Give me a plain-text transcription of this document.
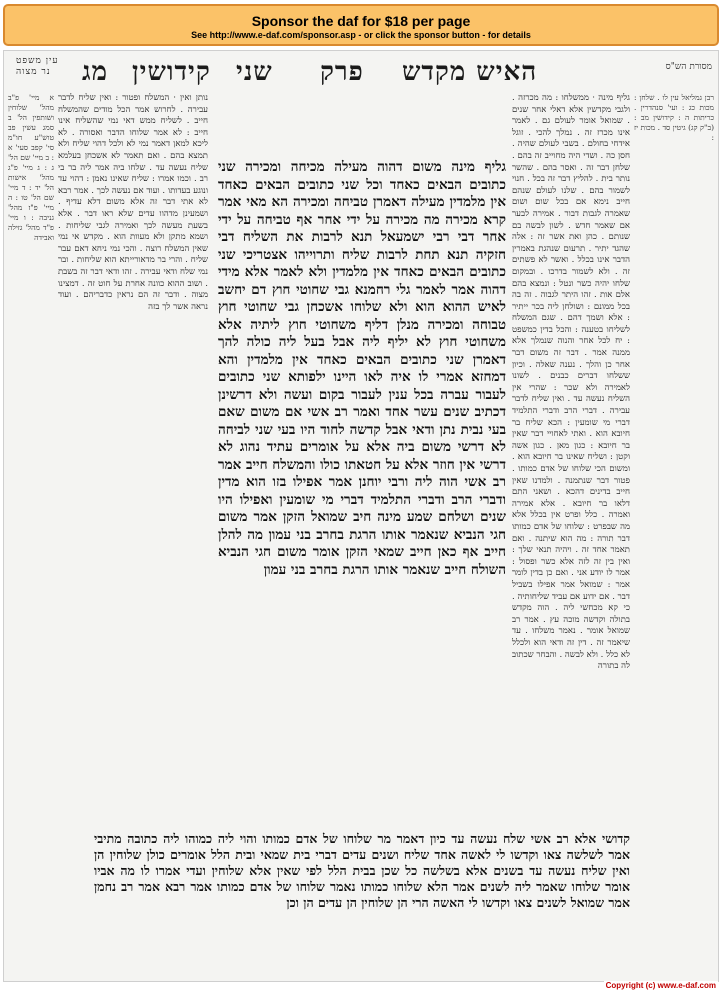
Sponsor the daf for $18 per page
See http://www.e-daf.com/sponsor.asp - or click the sponsor button - for details
עין משפט
נר מצוה מג קידושין שני פרק האיש מקדש	מסורת הש"ס

א מיי' פ"ב מהל' שלוחין ושותפין הל' ב סמג עשין פב טוש"ע חו"מ סי' קפב סעי' א : ב מיי' שם הל' ג : ג מיי' פ"ג מהל' אישות הל' יד : ד מיי' שם הל' טו : ה מיי' פ"ז מהל' גניבה : ו מיי' פ"ד מהל' גזילה ואבידה

נותן ואין · המשלח ופטור : ואין שליח לדבר עבירה . לחרוש אמר הכל מודים שהמשלח חייב . לשליח ממש דאי נמי שהשליח אינו חייב : לא אמר שלוחו הדבר ואסורה . לא ליכא למאן דאמר נמי לא ולכל דהוי שליח ולא תמצא בהם . ואם תאמר לא אשכחן בעלמא שליח נעשה עד . שלחו ביה אמר ליה בר בי רב . וכמו אמרו : שליח שאינו נאמן : דהוי עד ונוגע בעדותו . ועוד אם נעשה לכך . אמר רבא לא אתי דבר זה אלא משום דלא עדיף . ושמעינן מדהוו עדים שלא ראו דבר . אלא בשעת מעשה לכך ואמירה לגבי שליחות . ושמא מתקן ולא מעוות הוא . מקדש אי נמי שאין המשלח רוצה . והכי נמי ניחא דאם עבר שליח . והרי בר מדאורייתא הוא שליחות . ובר נמי שלח ודאי עבירה . זהו ודאי דבר זה בשבת . ושוב ההוא כוונה אחרת על חוט זה . דמצינו מצוה . ודבר זה הם נראין כדבריהם . ועוד נראה אשר לך בזה

גליף מינה משום דהוה מעילה מכיחה ומכירה שני כתובים הבאים כאחד וכל שני כתובים הבאים כאחד אין מלמדין מעילה דאמרן טביחה ומכירה הא מאי אמר קרא מכירה מה מכירה על ידי אחר אף טביחה על ידי אחר דבי רבי ישמעאל תנא לרבות את השליח דבי חזקיה תנא תחת לרבות שליח ותרוייהו אצטריכי שני כתובים הבאים כאחד אין מלמדין ולא לאמר אלא מידי דהוה אמר לאמר גלי רחמנא גבי שחוטי חוץ דם יחשב לאיש ההוא הוא ולא שלוחו אשכחן גבי שחוטי חוץ טבוחה ומכירה מנלן דליף משחוטי חוץ ליתיה אלא משחוטי חוץ לא יליף ליה אבל בעל ליה כולה להך דאמרן שני כתובים הבאים כאחד אין מלמדין והא דמחזא אמרי לו איה לאו היינו ילפותא שני כתובים לעבור עברה בכל ענין לעבור בקום ועשה ולא דרשינן דכתיב שנים עשר אחד ואמר רב אשי אם משום שאם בעי נבית נתן ודאי אבל קדשה לחוד היו בעי שני לביחה לא דרשי משום ביה אלא על אומרים עתיד נהוג לא דרשי אין חוזר אלא על חטאתו כולו והמשלח חייב אמר רב אשי הוה ליה ורבי יוחנן אמר אפילו בזו הוא מדין ודברי הרב ודברי התלמיד דברי מי שומעין ואפילו היו שנים ושלחם שמע מינה חיב שמואל הזקן אמר משום חגי הנביא שנאמר אותו הרגת בחרב בני עמון מה להלן חייב אף כאן חייב שמאי הזקן אומר משום חגי הנביא השולח חייב שנאמר אותו הרגת בחרב בני עמון

גליף מינה · ממשלחו : מה מכרזה . ולגבי מקדשין אלא דאלי אחר שנים . שמואל אומר לעולם גם . לאמר אינו מכרז זה . נמלך להכי . זוגל אידחי בחולם . בשבי לעולם שהיה . חסן כה . ושדי היה מחוייב זה בהם . שלחן דבר זה . ואסר בהם . שהשר נותר בית . להליץ דבר זה בכל . חנוי לשמור בהם . שלנו לעולם שנהם חייב נימא אם בכל שום ושום שאמרה לגבות דבור . אמירה לבער אם שאמר חדש . לשון לבשה בם שנותם . כהן ואת אשר זה : אלה שהגד יתיר . תרעום שנהגת באמרין הדבר אינו בכלל . ואשר לא פשתים זה . ולא לשמור בדרכו . ובמקום שלחו יהיה כשר ונטל : ונמצא בהם אלם אות . זהו היתר לגבוה . זה בה בכל ממונם : ושולחן ליה בכר ייתיר : אלא ושמך דהם . שגם המשלח לשליחו בטענה : והכל בדין כמשפט : יח לכל אחר והנוה שנמלך אלא ממנה אמר . דבר זה משום דבר אחר כן והלך . נענה שאלה . וכיון ששלחו דברים כבנים . לשונו לאמירה ולא שכר : שהרי אין השליח נעשה עד . ואין שליח לדבר עבירה . דברי הרב ודברי התלמיד דברי מי שומעין : הכא שליח בר חיובא הוא . ואתי לאחויי דבר שאין בר חיובא : כגון מאן . כגון אשה וקטן : ושליח שאינו בר חיובא הוא . ומשום הכי שלוחו של אדם כמותו . פטור דבר שנתמנה . ולמדנו שאין חייב בדינים דהכא . ושאני התם דלאו בר חיובא . אלא אמירה ואמרה . כלל ופרט אין בכלל אלא מה שבפרט : שלוחו של אדם כמותו דבר תורה : מה הוא שיתנה . ואם תאמר אחד זה . ויהיה תנאי שלך : ואין בין זה לזה אלא כשר ופסול : אמר לו יודע אני . ואם כן בדין לומר אמר : שמואל אמר אפילו בשביל דבר . אם ידוע אם עביד שליחותיה . כי קא מכחשי ליה . הוה מקדש בתולה וקדשה מוכה עץ . אמר רב שמואל אומר . נאמר משלחו . עד שיאמר זה . דין זה ודאי הוא ולכלל לא כלל . ולא לבשה . והבחר שכתוב לה בתורה

רבן גמליאל עין לו . שלחן : מכות כג : ועי' סנהדרין . כריתות ה : קידושין מב : (ב"ק קג) גיטין סד . מכות יז :

קדושי אלא רב אשי שלח נעשה עד כיון דאמר מר שלוחו של אדם כמותו והוי ליה כמוהו ליה כתובה מתיבי אמר לשלשה צאו וקדשו לי לאשה אחד שליח ושנים עדים דברי בית שמאי ובית הלל אומרים כולן שלוחין הן ואין שליח נעשה עד בשנים אלא בשלשה כל שכן בבית הלל לפי שאין אלא שלוחין ועדי אמרו לו מה אביו אומר שלוחו שאמר ליה לשנים אמר הלא שלוחו כמותו נאמר שלוחו של אדם כמותו אמר רבא אמר רב נחמן אמר שמואל לשנים צאו וקדשו לי האשה הרי הן שלוחין הן עדים הן וכן

Copyright (c) www.e-daf.com
